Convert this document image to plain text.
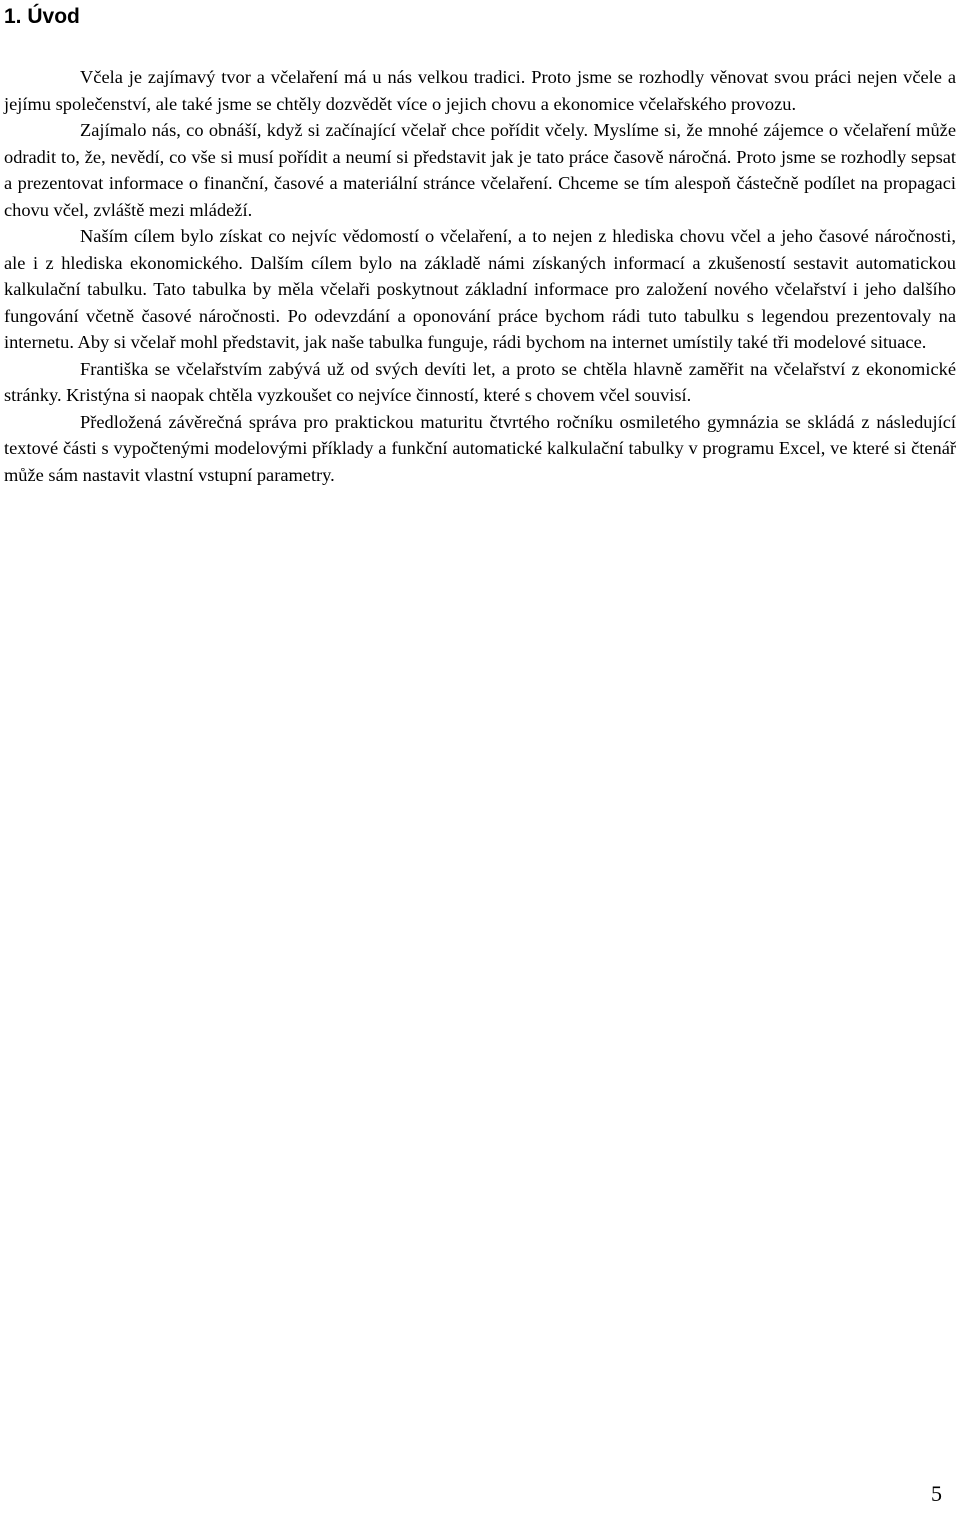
1. Úvod

Včela je zajímavý tvor a včelaření má u nás velkou tradici. Proto jsme se rozhodly věnovat svou práci nejen včele a jejímu společenství, ale také jsme se chtěly dozvědět více o jejich chovu a ekonomice včelařského provozu.

Zajímalo nás, co obnáší, když si začínající včelař chce pořídit včely. Myslíme si, že mnohé zájemce o včelaření může odradit to, že, nevědí, co vše si musí pořídit a neumí si představit jak je tato práce časově náročná. Proto jsme se rozhodly sepsat a prezentovat informace o finanční, časové a materiální stránce včelaření. Chceme se tím alespoň částečně podílet na propagaci chovu včel, zvláště mezi mládeží.

Naším cílem bylo získat co nejvíc vědomostí o včelaření, a to nejen z hlediska chovu včel a jeho časové náročnosti, ale i z hlediska ekonomického. Dalším cílem bylo na základě námi získaných informací a zkušeností sestavit automatickou kalkulační tabulku. Tato tabulka by měla včelaři poskytnout základní informace pro založení nového včelařství i jeho dalšího fungování včetně časové náročnosti. Po odevzdání a oponování práce bychom rádi tuto tabulku s legendou prezentovaly na internetu. Aby si včelař mohl představit, jak naše tabulka funguje, rádi bychom na internet umístily také tři modelové situace.

Františka se včelařstvím zabývá už od svých devíti let, a proto se chtěla hlavně zaměřit na včelařství z ekonomické stránky. Kristýna si naopak chtěla vyzkoušet co nejvíce činností, které s chovem včel souvisí.

Předložená závěrečná správa pro praktickou maturitu čtvrtého ročníku osmiletého gymnázia se skládá z následující textové části s vypočtenými modelovými příklady a funkční automatické kalkulační tabulky v programu Excel, ve které si čtenář může sám nastavit vlastní vstupní parametry.

5
